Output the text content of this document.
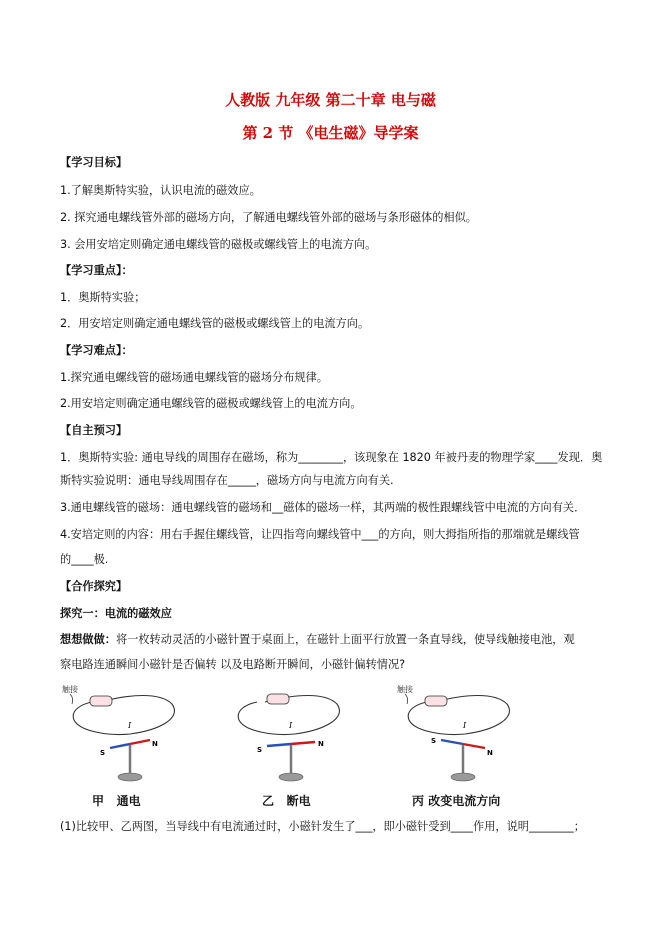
人教版 九年级 第二十章 电与磁
第 2 节 《电生磁》导学案
【学习目标】
1.了解奥斯特实验，认识电流的磁效应。
2. 探究通电螺线管外部的磁场方向，了解通电螺线管外部的磁场与条形磁体的相似。
3. 会用安培定则确定通电螺线管的磁极或螺线管上的电流方向。
【学习重点】：
1．奥斯特实验；
2．用安培定则确定通电螺线管的磁极或螺线管上的电流方向。
【学习难点】：
1.探究通电螺线管的磁场通电螺线管的磁场分布规律。
2.用安培定则确定通电螺线管的磁极或螺线管上的电流方向。
【自主预习】
1．奥斯特实验: 通电导线的周围存在磁场，称为________，该现象在 1820 年被丹麦的物理学家____发现．奥
斯特实验说明：通电导线周围存在_____，磁场方向与电流方向有关.
3.通电螺线管的磁场：通电螺线管的磁场和__磁体的磁场一样，其两端的极性跟螺线管中电流的方向有关．
4.安培定则的内容：用右手握住螺线管，让四指弯向螺线管中___的方向，则大拇指所指的那端就是螺线管
的____极.
【合作探究】
探究一：电流的磁效应
想想做做：将一枚转动灵活的小磁针置于桌面上，在磁针上面平行放置一条直导线，使导线触接电池，观
察电路连通瞬间小磁针是否偏转 以及电路断开瞬间，小磁针偏转情况?
触接
I
S
N
I
S
N
触接
I
S
N
甲 通电	乙 断电	丙 改变电流方向
(1)比较甲、乙两图，当导线中有电流通过时，小磁针发生了___，即小磁针受到____作用，说明________；
